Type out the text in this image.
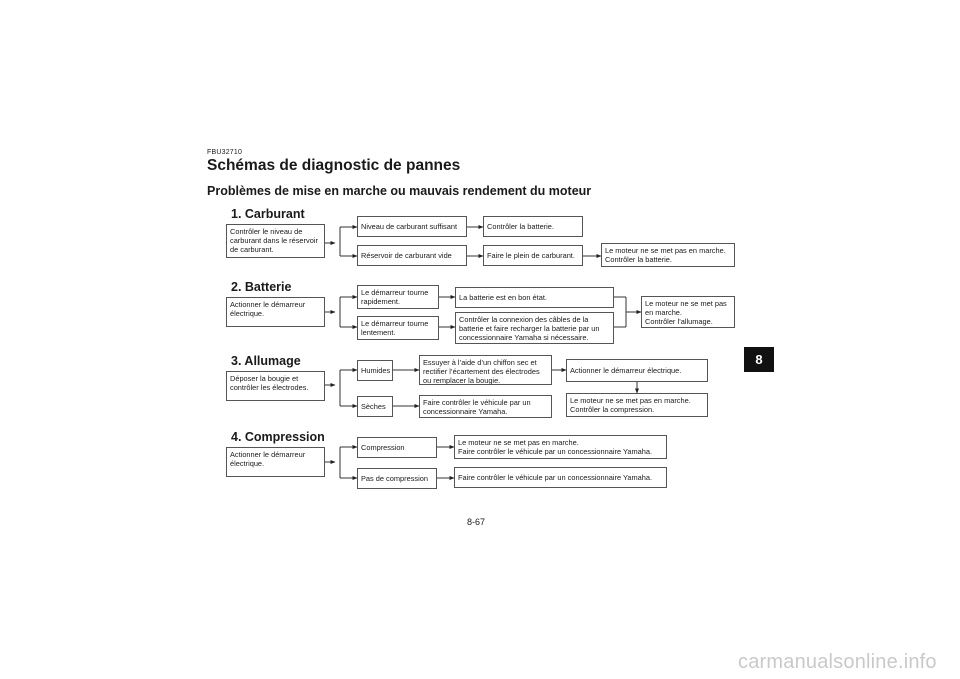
FBU32710
Schémas de diagnostic de pannes
Problèmes de mise en marche ou mauvais rendement du moteur
1. Carburant
Contrôler le niveau de
carburant dans le réservoir
de carburant.
Niveau de carburant suffisant
Réservoir de carburant vide
Contrôler la batterie.
Faire le plein de carburant.
Le moteur ne se met pas en marche.
Contrôler la batterie.
2. Batterie
Actionner le démarreur
électrique.
Le démarreur tourne
rapidement.
Le démarreur tourne
lentement.
La batterie est en bon état.
Contrôler la connexion des câbles de la
batterie et faire recharger la batterie par un
concessionnaire Yamaha si nécessaire.
Le moteur ne se met pas
en marche.
Contrôler l’allumage.
3. Allumage
Déposer la bougie et
contrôler les électrodes.
Humides
Sèches
Essuyer à l’aide d’un chiffon sec et
rectifier l’écartement des électrodes
ou remplacer la bougie.
Faire contrôler le véhicule par un
concessionnaire Yamaha.
Actionner le démarreur électrique.
Le moteur ne se met pas en marche.
Contrôler la compression.
4. Compression
Actionner le démarreur
électrique.
Compression
Pas de compression
Le moteur ne se met pas en marche.
Faire contrôler le véhicule par un concessionnaire Yamaha.
Faire contrôler le véhicule par un concessionnaire Yamaha.
8
8-67
carmanualsonline.info
